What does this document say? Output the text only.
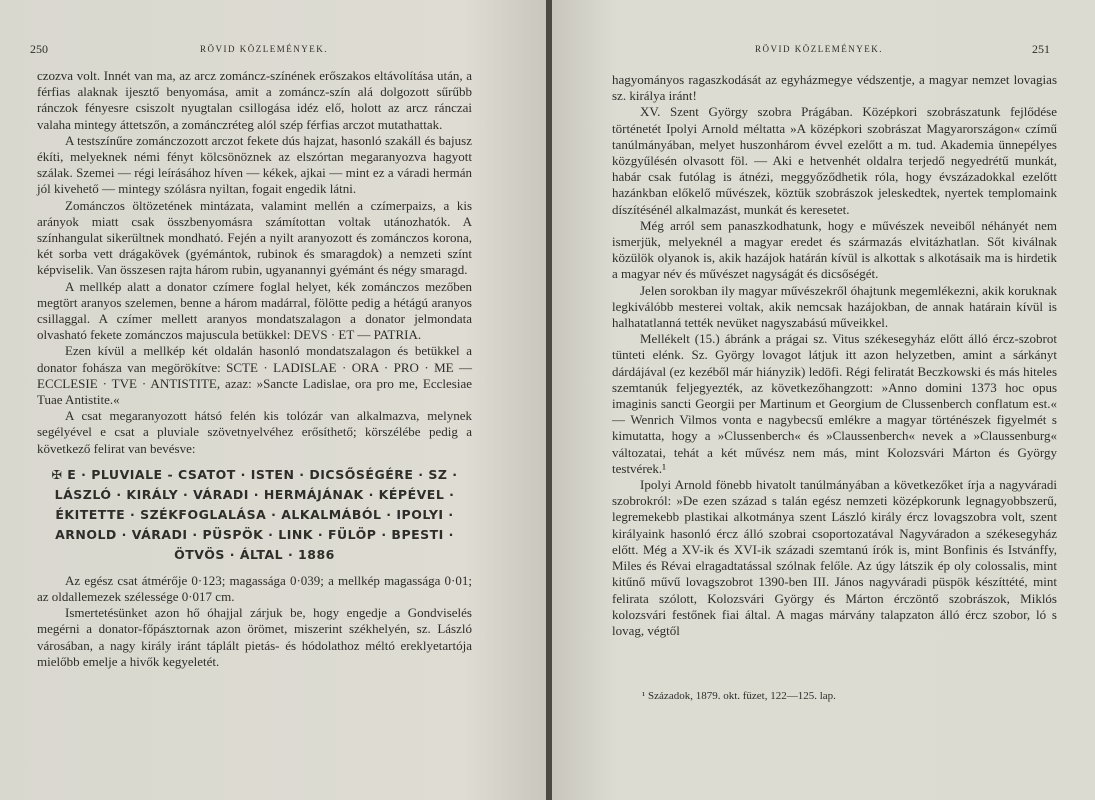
250	RÖVID KÖZLEMÉNYEK.

czozva volt. Innét van ma, az arcz zománcz-színének erőszakos eltávolítása után, a férfias alaknak ijesztő benyomása, amit a zománcz-szín alá dolgozott sűrűbb ránczok fényesre csiszolt nyugtalan csillogása idéz elő, holott az arcz ránczai valaha mintegy áttetszőn, a zománczréteg alól szép férfias arczot mutathattak.

A testszínűre zománczozott arczot fekete dús hajzat, hasonló szakáll és bajusz ékíti, melyeknek némi fényt kölcsönöznek az elszórtan megaranyozva hagyott szálak. Szemei — régi leírásához híven — kékek, ajkai — mint ez a váradi hermán jól kivehető — mintegy szólásra nyiltan, fogait engedik látni.

Zománczos öltözetének mintázata, valamint mellén a czímerpaizs, a kis arányok miatt csak összbenyomásra számítottan voltak utánozhatók. A színhangulat sikerültnek mondható. Fején a nyilt aranyozott és zománczos korona, két sorba vett drágakövek (gyémántok, rubinok és smaragdok) a nemzeti színt képviselik. Van összesen rajta három rubin, ugyanannyi gyémánt és négy smaragd.

A mellkép alatt a donator czímere foglal helyet, kék zománczos mezőben megtört aranyos szelemen, benne a három madárral, fölötte pedig a hétágú aranyos csillaggal. A czímer mellett aranyos mondatszalagon a donator jelmondata olvasható fekete zománczos majuscula betükkel: DEVS · ET — PATRIA.

Ezen kívül a mellkép két oldalán hasonló mondatszalagon és betükkel a donator fohásza van megörökítve: SCTE · LADISLAE · ORA · PRO · ME — ECCLESIE · TVE · ANTISTITE, azaz: »Sancte Ladislae, ora pro me, Ecclesiae Tuae Antistite.«

A csat megaranyozott hátsó felén kis tolózár van alkalmazva, melynek segélyével e csat a pluviale szövetnyelvéhez erősíthető; körszélébe pedig a következő felirat van bevésve:

✠ E · PLUVIALE - CSATOT · ISTEN · DICSŐSÉGÉRE · SZ ·
LÁSZLÓ · KIRÁLY · VÁRADI · HERMÁJÁNAK · KÉPÉVEL ·
ÉKITETTE · SZÉKFOGLALÁSA · ALKALMÁBÓL · IPOLYI ·
ARNOLD · VÁRADI · PÜSPÖK · LINK · FÜLÖP · BPESTI ·
ÖTVÖS · ÁLTAL · 1886

Az egész csat átmérője 0·123; magassága 0·039; a mellkép magassága 0·01; az oldallemezek szélessége 0·017 cm.

Ismertetésünket azon hő óhajjal zárjuk be, hogy engedje a Gondviselés megérni a donator-főpásztornak azon örömet, miszerint székhelyén, sz. László városában, a nagy király iránt táplált pietás- és hódolathoz méltó ereklyetartója mielőbb emelje a hivők kegyeletét.

RÖVID KÖZLEMÉNYEK.	251

hagyományos ragaszkodását az egyházmegye védszentje, a magyar nemzet lovagias sz. királya iránt!

XV. Szent György szobra Prágában. Középkori szobrászatunk fejlődése történetét Ipolyi Arnold méltatta »A középkori szobrászat Magyarországon« czímű tanúlmányában, melyet huszonhárom évvel ezelőtt a m. tud. Akademia ünnepélyes közgyűlésén olvasott föl. — Aki e hetvenhét oldalra terjedő negyedrétű munkát, habár csak futólag is átnézi, meggyőződhetik róla, hogy évszázadokkal ezelőtt hazánkban előkelő művészek, köztük szobrászok jeleskedtek, nyertek templomaink díszítésénél alkalmazást, munkát és keresetet.

Még arról sem panaszkodhatunk, hogy e művészek neveiből néhányét nem ismerjük, melyeknél a magyar eredet és származás elvitázhatlan. Sőt kiválnak közülök olyanok is, akik hazájok határán kívül is alkottak s alkotásaik ma is hirdetik a magyar név és művészet nagyságát és dicsőségét.

Jelen sorokban ily magyar művészekről óhajtunk megemlékezni, akik koruknak legkiválóbb mesterei voltak, akik nemcsak hazájokban, de annak határain kívül is halhatatlanná tették nevüket nagyszabású műveikkel.

Mellékelt (15.) ábránk a prágai sz. Vitus székesegyház előtt álló ércz-szobrot tünteti elénk. Sz. György lovagot látjuk itt azon helyzetben, amint a sárkányt dárdájával (ez kezéből már hiányzik) ledöfi. Régi feliratát Beczkowski és más hiteles szemtanúk feljegyezték, az következőhangzott: »Anno domini 1373 hoc opus imaginis sancti Georgii per Martinum et Georgium de Clussenberch conflatum est.« — Wenrich Vilmos vonta e nagybecsű emlékre a magyar történészek figyelmét s kimutatta, hogy a »Clussenberch« és »Claussenberch« nevek a »Claussenburg« változatai, tehát a két művész nem más, mint Kolozsvári Márton és György testvérek.¹

Ipolyi Arnold fönebb hivatolt tanúlmányában a következőket írja a nagyváradi szobrokról: »De ezen század s talán egész nemzeti középkorunk legnagyobbszerű, legremekebb plastikai alkotmánya szent László király ércz lovagszobra volt, szent királyaink hasonló ércz álló szobrai csoportozatával Nagyváradon a székesegyház előtt. Még a XV-ik és XVI-ik századi szemtanú írók is, mint Bonfinis és Istvánffy, Miles és Révai elragadtatással szólnak felőle. Az úgy látszik ép oly colossalis, mint kitűnő művű lovagszobrot 1390-ben III. János nagyváradi püspök készíttété, mint felirata szólott, Kolozsvári György és Márton érczöntő szobrászok, Miklós kolozsvári festőnek fiai által. A magas márvány talapzaton álló ércz szobor, ló s lovag, végtől

¹ Századok, 1879. okt. füzet, 122—125. lap.
